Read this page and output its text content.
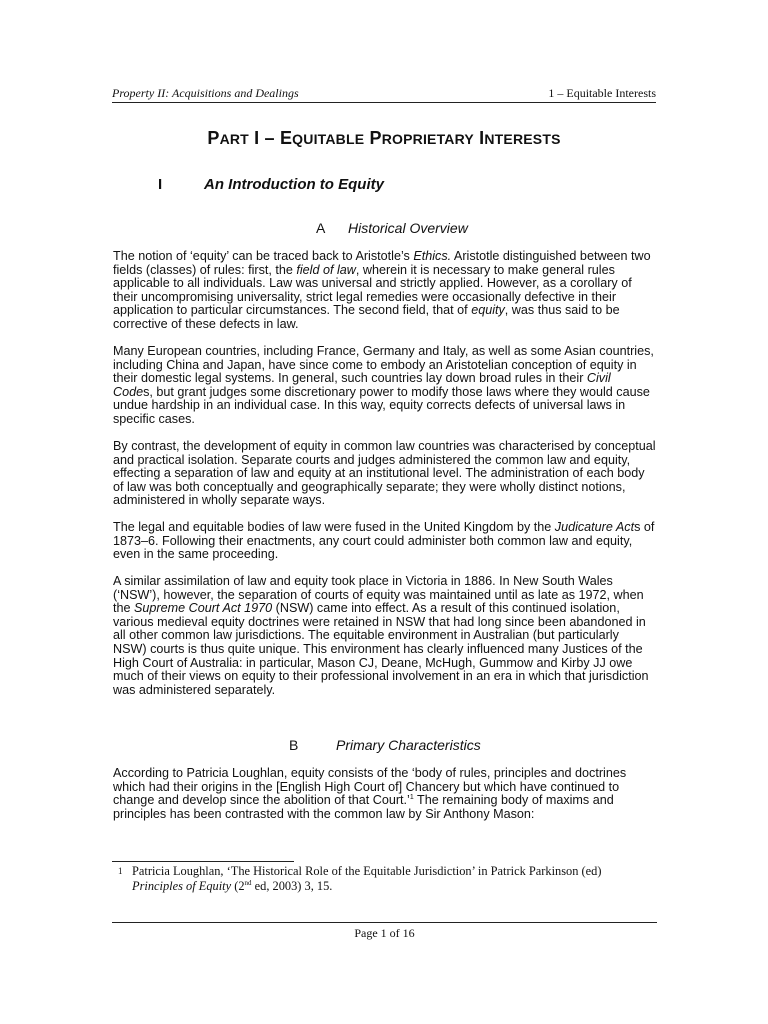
Property II: Acquisitions and Dealings	1 – Equitable Interests
PART I – EQUITABLE PROPRIETARY INTERESTS
I	An Introduction to Equity
A Historical Overview

The notion of ‘equity’ can be traced back to Aristotle’s Ethics. Aristotle distinguished between two
fields (classes) of rules: first, the field of law, wherein it is necessary to make general rules
applicable to all individuals. Law was universal and strictly applied. However, as a corollary of
their uncompromising universality, strict legal remedies were occasionally defective in their
application to particular circumstances. The second field, that of equity, was thus said to be
corrective of these defects in law.

Many European countries, including France, Germany and Italy, as well as some Asian countries,
including China and Japan, have since come to embody an Aristotelian conception of equity in
their domestic legal systems. In general, such countries lay down broad rules in their Civil
Codes, but grant judges some discretionary power to modify those laws where they would cause
undue hardship in an individual case. In this way, equity corrects defects of universal laws in
specific cases.

By contrast, the development of equity in common law countries was characterised by conceptual
and practical isolation. Separate courts and judges administered the common law and equity,
effecting a separation of law and equity at an institutional level. The administration of each body
of law was both conceptually and geographically separate; they were wholly distinct notions,
administered in wholly separate ways.

The legal and equitable bodies of law were fused in the United Kingdom by the Judicature Acts of
1873–6. Following their enactments, any court could administer both common law and equity,
even in the same proceeding.

A similar assimilation of law and equity took place in Victoria in 1886. In New South Wales
(‘NSW’), however, the separation of courts of equity was maintained until as late as 1972, when
the Supreme Court Act 1970 (NSW) came into effect. As a result of this continued isolation,
various medieval equity doctrines were retained in NSW that had long since been abandoned in
all other common law jurisdictions. The equitable environment in Australian (but particularly
NSW) courts is thus quite unique. This environment has clearly influenced many Justices of the
High Court of Australia: in particular, Mason CJ, Deane, McHugh, Gummow and Kirby JJ owe
much of their views on equity to their professional involvement in an era in which that jurisdiction
was administered separately.

B	Primary Characteristics

According to Patricia Loughlan, equity consists of the ‘body of rules, principles and doctrines
which had their origins in the [English High Court of] Chancery but which have continued to
change and develop since the abolition of that Court.’$^1$ The remaining body of maxims and
principles has been contrasted with the common law by Sir Anthony Mason:

1 Patricia Loughlan, ‘The Historical Role of the Equitable Jurisdiction’ in Patrick Parkinson (ed)
Principles of Equity (2nd ed, 2003) 3, 15.
Page 1 of 16
